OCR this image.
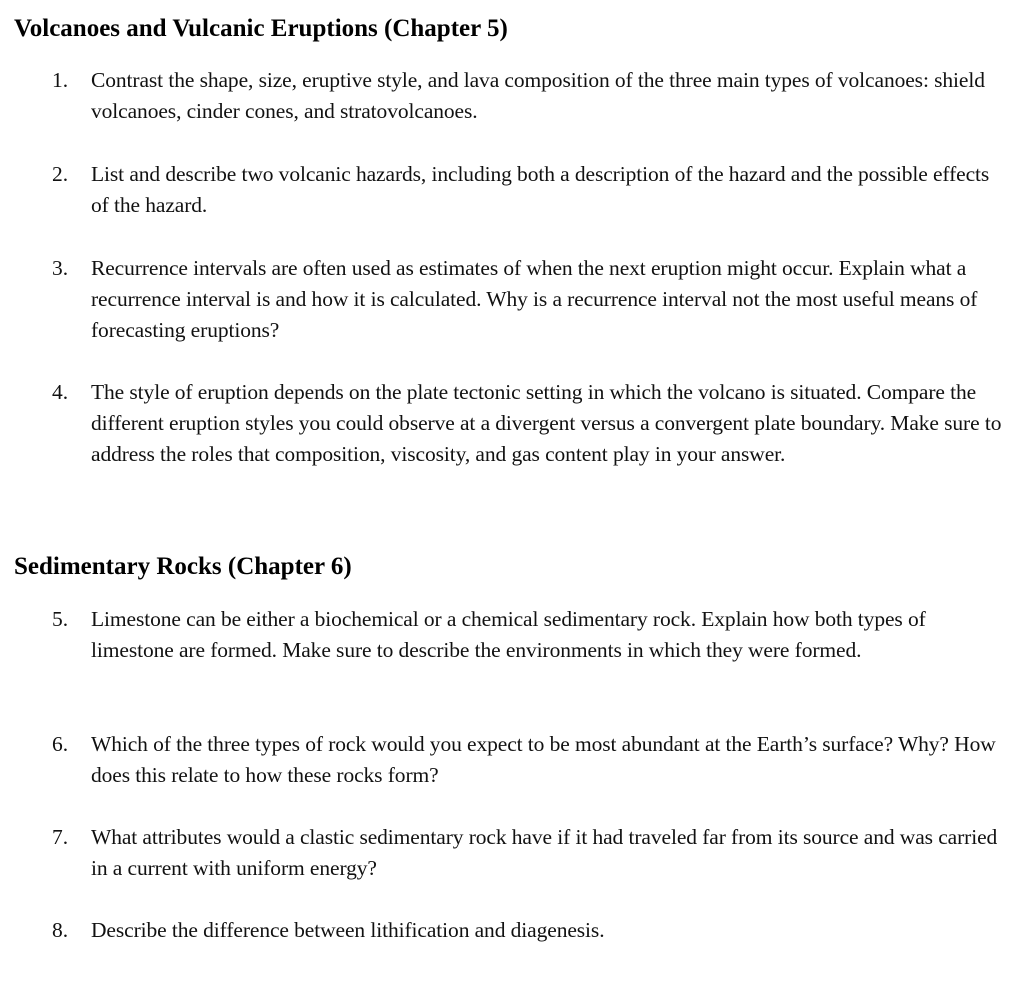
Volcanoes and Vulcanic Eruptions (Chapter 5)
1.	Contrast the shape, size, eruptive style, and lava composition of the three main types of volcanoes: shield volcanoes, cinder cones, and stratovolcanoes.
2.	List and describe two volcanic hazards, including both a description of the hazard and the possible effects of the hazard.
3.	Recurrence intervals are often used as estimates of when the next eruption might occur. Explain what a recurrence interval is and how it is calculated. Why is a recurrence interval not the most useful means of forecasting eruptions?
4.	The style of eruption depends on the plate tectonic setting in which the volcano is situated. Compare the different eruption styles you could observe at a divergent versus a convergent plate boundary. Make sure to address the roles that composition, viscosity, and gas content play in your answer.
Sedimentary Rocks (Chapter 6)
5.	Limestone can be either a biochemical or a chemical sedimentary rock. Explain how both types of limestone are formed. Make sure to describe the environments in which they were formed.
6.	Which of the three types of rock would you expect to be most abundant at the Earth’s surface? Why? How does this relate to how these rocks form?
7.	What attributes would a clastic sedimentary rock have if it had traveled far from its source and was carried in a current with uniform energy?
8.	Describe the difference between lithification and diagenesis.
